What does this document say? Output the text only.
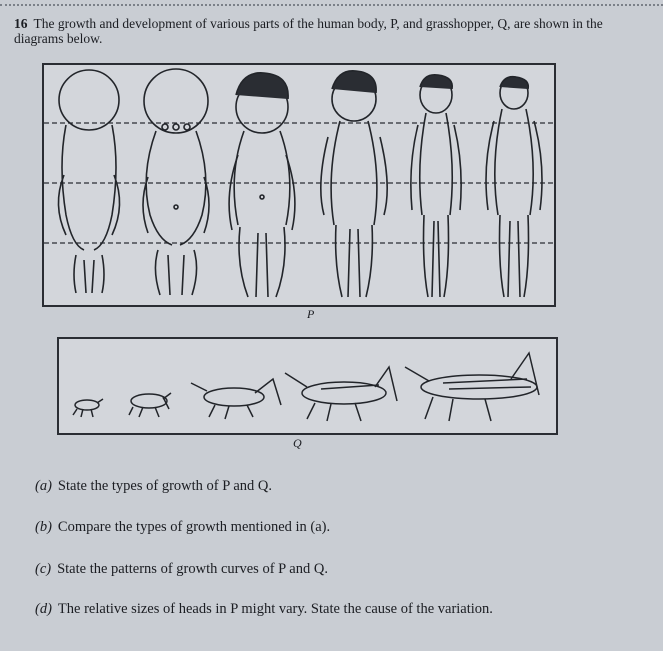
16 The growth and development of various parts of the human body, P, and grasshopper, Q, are shown in the diagrams below.
P
Q
(a) State the types of growth of P and Q.
(b) Compare the types of growth mentioned in (a).
(c) State the patterns of growth curves of P and Q.
(d) The relative sizes of heads in P might vary. State the cause of the variation.
